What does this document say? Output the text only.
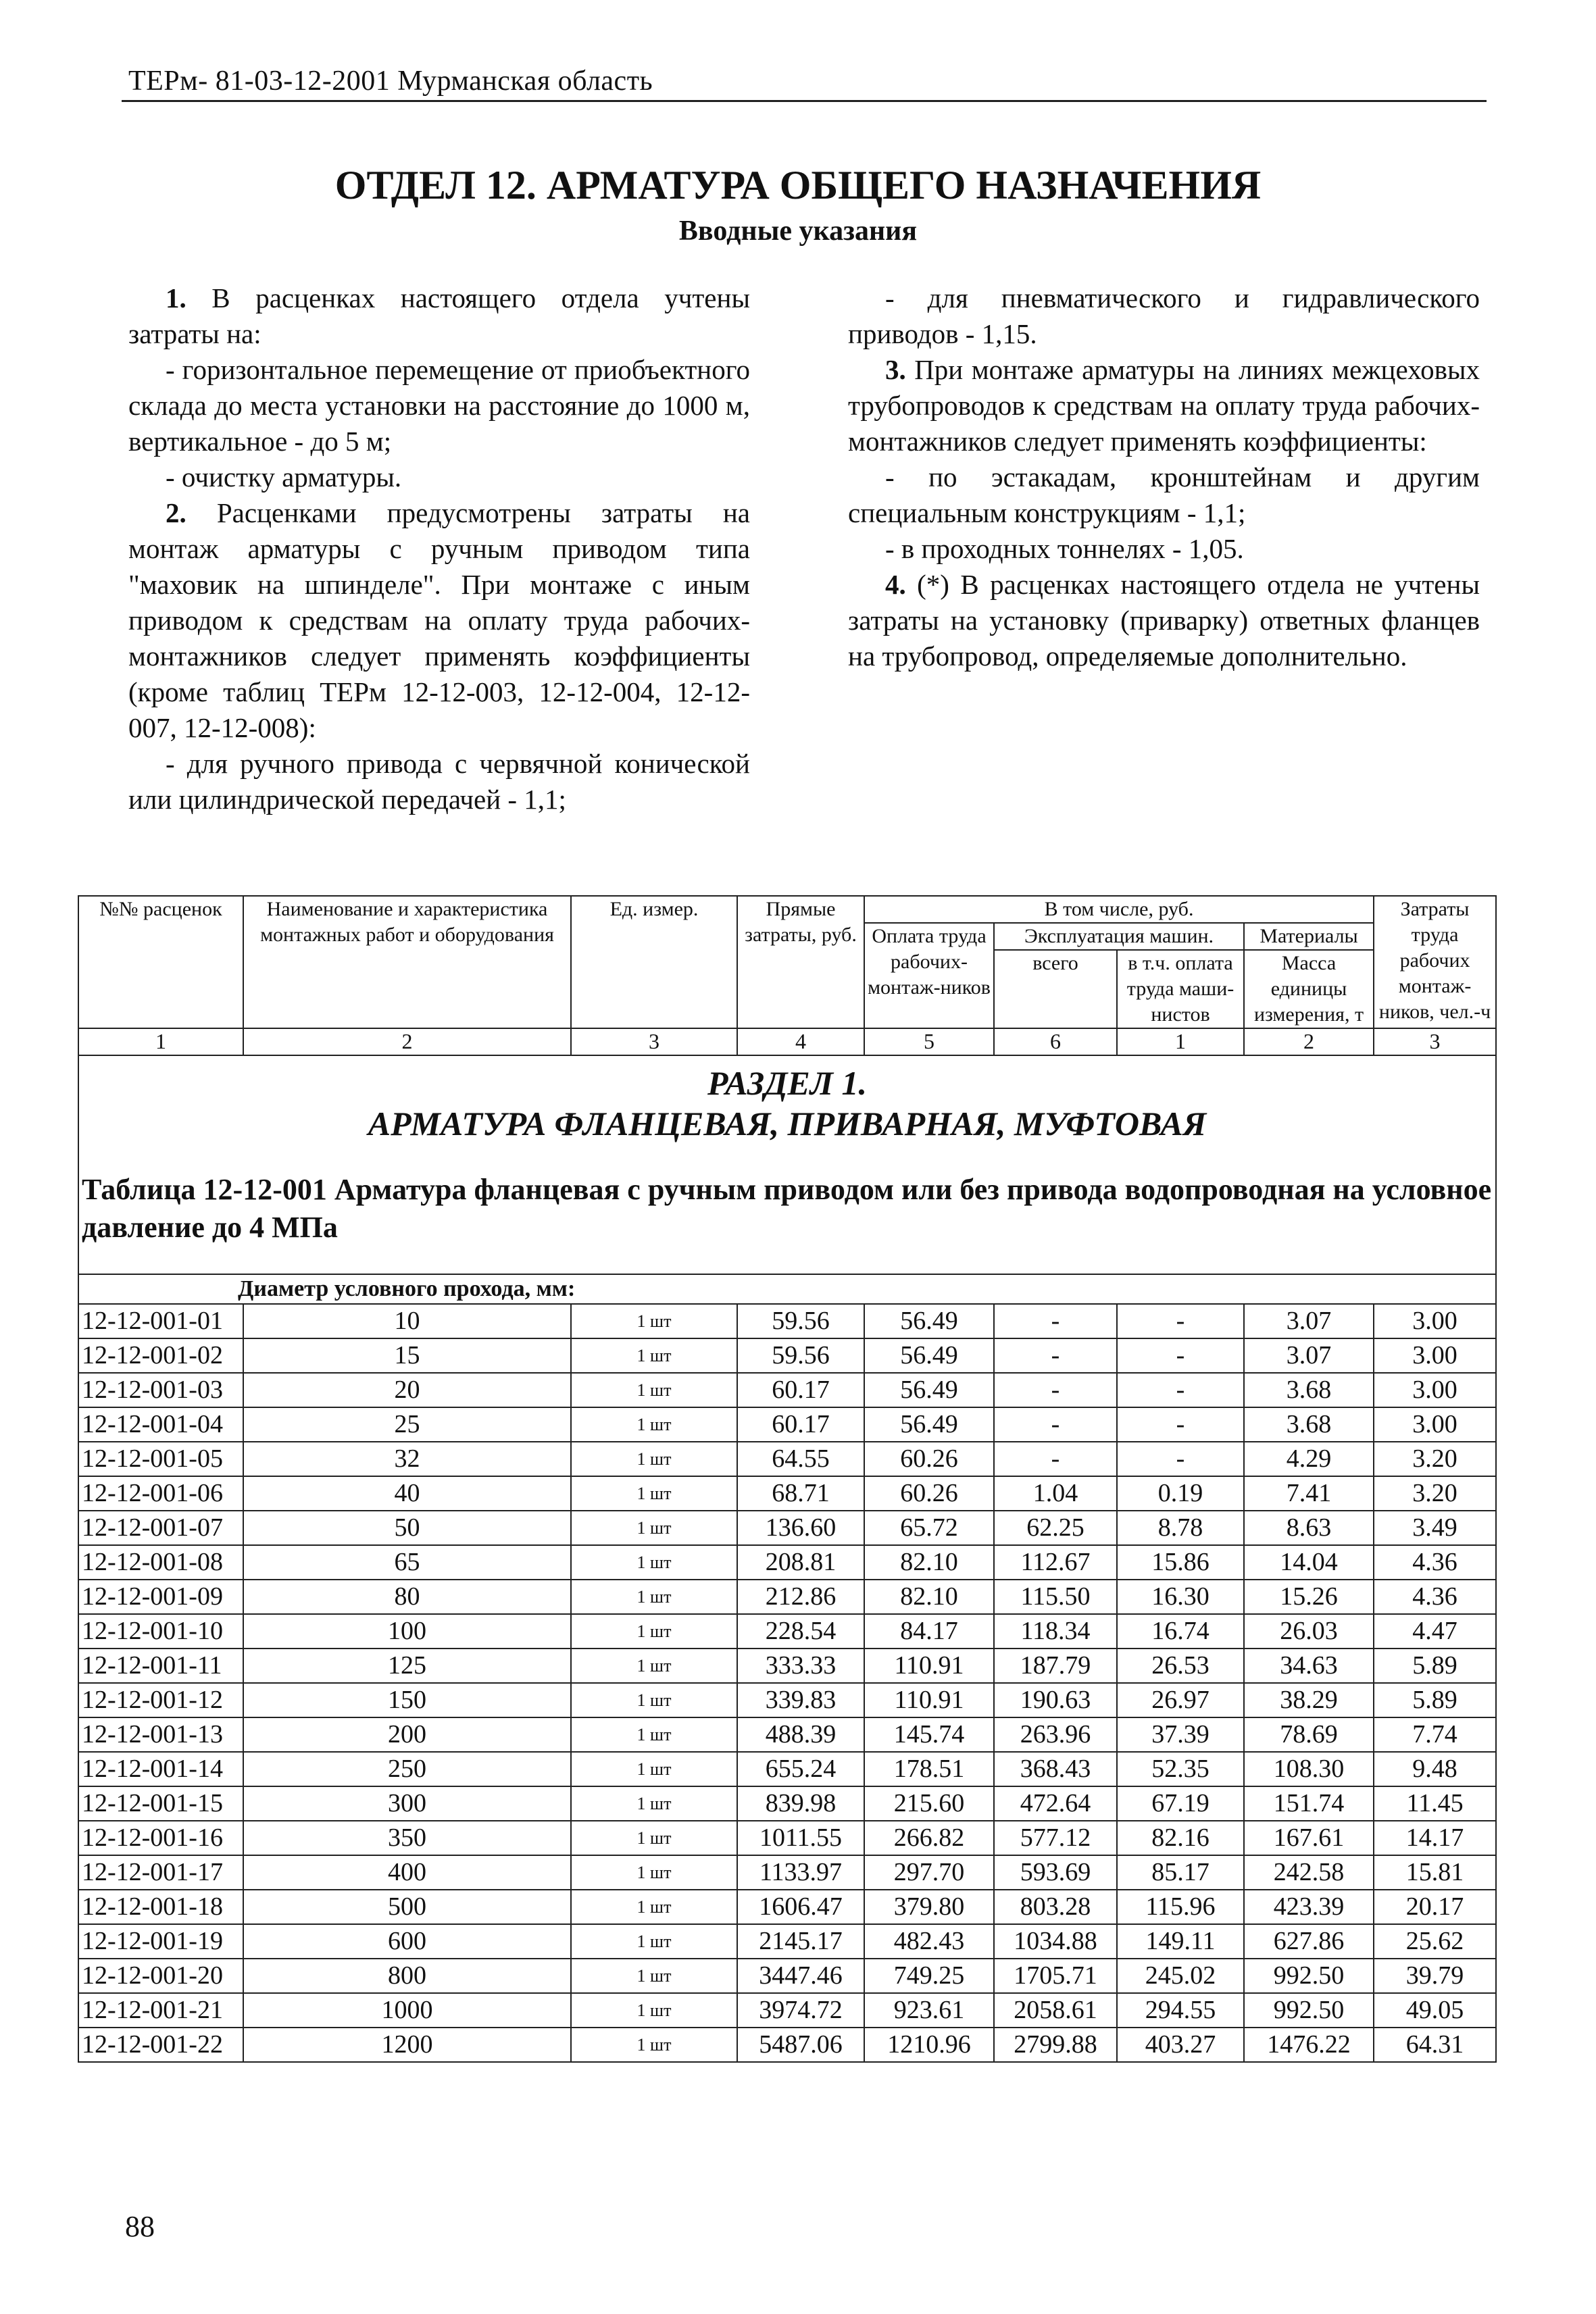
ТЕРм- 81-03-12-2001 Мурманская область
ОТДЕЛ 12. АРМАТУРА ОБЩЕГО НАЗНАЧЕНИЯ
Вводные указания

1. В расценках настоящего отдела учтены затраты на:

- горизонтальное перемещение от приобъектного склада до места установки на расстояние до 1000 м, вертикальное - до 5 м;

- очистку арматуры.

2. Расценками предусмотрены затраты на монтаж арматуры с ручным приводом типа "маховик на шпинделе". При монтаже с иным приводом к средствам на оплату труда рабочих-монтажников следует применять коэффициенты (кроме таблиц ТЕРм 12-12-003, 12-12-004, 12-12-007, 12-12-008):

- для ручного привода с червячной конической или цилиндрической передачей - 1,1;

- для пневматического и гидравлического приводов - 1,15.

3. При монтаже арматуры на линиях межцеховых трубопроводов к средствам на оплату труда рабочих-монтажников следует применять коэффициенты:

- по эстакадам, кронштейнам и другим специальным конструкциям - 1,1;

- в проходных тоннелях - 1,05.

4. (*) В расценках настоящего отдела не учтены затраты на установку (приварку) ответных фланцев на трубопровод, определяемые дополнительно.

№№ расценок	Наименование и характеристика монтажных работ и оборудования	Ед. измер.	Прямые затраты, руб.	В том числе, руб.				Затраты труда рабочих монтаж-ников, чел.-ч
				Оплата труда рабочих-монтаж-ников	Эксплуатация машин.		Материалы	
					всего	в т.ч. оплата труда маши-нистов	Масса единицы измерения, т	
1	2	3	4	5	6	1	2	3

РАЗДЕЛ 1.
АРМАТУРА ФЛАНЦЕВАЯ, ПРИВАРНАЯ, МУФТОВАЯ
Таблица 12-12-001 Арматура фланцевая с ручным приводом или без привода водопроводная на условное давление до 4 МПа								

Диаметр условного прохода, мм:								
12-12-001-01	10	1 шт	59.56	56.49	-	-	3.07	3.00
12-12-001-02	15	1 шт	59.56	56.49	-	-	3.07	3.00
12-12-001-03	20	1 шт	60.17	56.49	-	-	3.68	3.00
12-12-001-04	25	1 шт	60.17	56.49	-	-	3.68	3.00
12-12-001-05	32	1 шт	64.55	60.26	-	-	4.29	3.20
12-12-001-06	40	1 шт	68.71	60.26	1.04	0.19	7.41	3.20
12-12-001-07	50	1 шт	136.60	65.72	62.25	8.78	8.63	3.49
12-12-001-08	65	1 шт	208.81	82.10	112.67	15.86	14.04	4.36
12-12-001-09	80	1 шт	212.86	82.10	115.50	16.30	15.26	4.36
12-12-001-10	100	1 шт	228.54	84.17	118.34	16.74	26.03	4.47
12-12-001-11	125	1 шт	333.33	110.91	187.79	26.53	34.63	5.89
12-12-001-12	150	1 шт	339.83	110.91	190.63	26.97	38.29	5.89
12-12-001-13	200	1 шт	488.39	145.74	263.96	37.39	78.69	7.74
12-12-001-14	250	1 шт	655.24	178.51	368.43	52.35	108.30	9.48
12-12-001-15	300	1 шт	839.98	215.60	472.64	67.19	151.74	11.45
12-12-001-16	350	1 шт	1011.55	266.82	577.12	82.16	167.61	14.17
12-12-001-17	400	1 шт	1133.97	297.70	593.69	85.17	242.58	15.81
12-12-001-18	500	1 шт	1606.47	379.80	803.28	115.96	423.39	20.17
12-12-001-19	600	1 шт	2145.17	482.43	1034.88	149.11	627.86	25.62
12-12-001-20	800	1 шт	3447.46	749.25	1705.71	245.02	992.50	39.79
12-12-001-21	1000	1 шт	3974.72	923.61	2058.61	294.55	992.50	49.05
12-12-001-22	1200	1 шт	5487.06	1210.96	2799.88	403.27	1476.22	64.31
88
